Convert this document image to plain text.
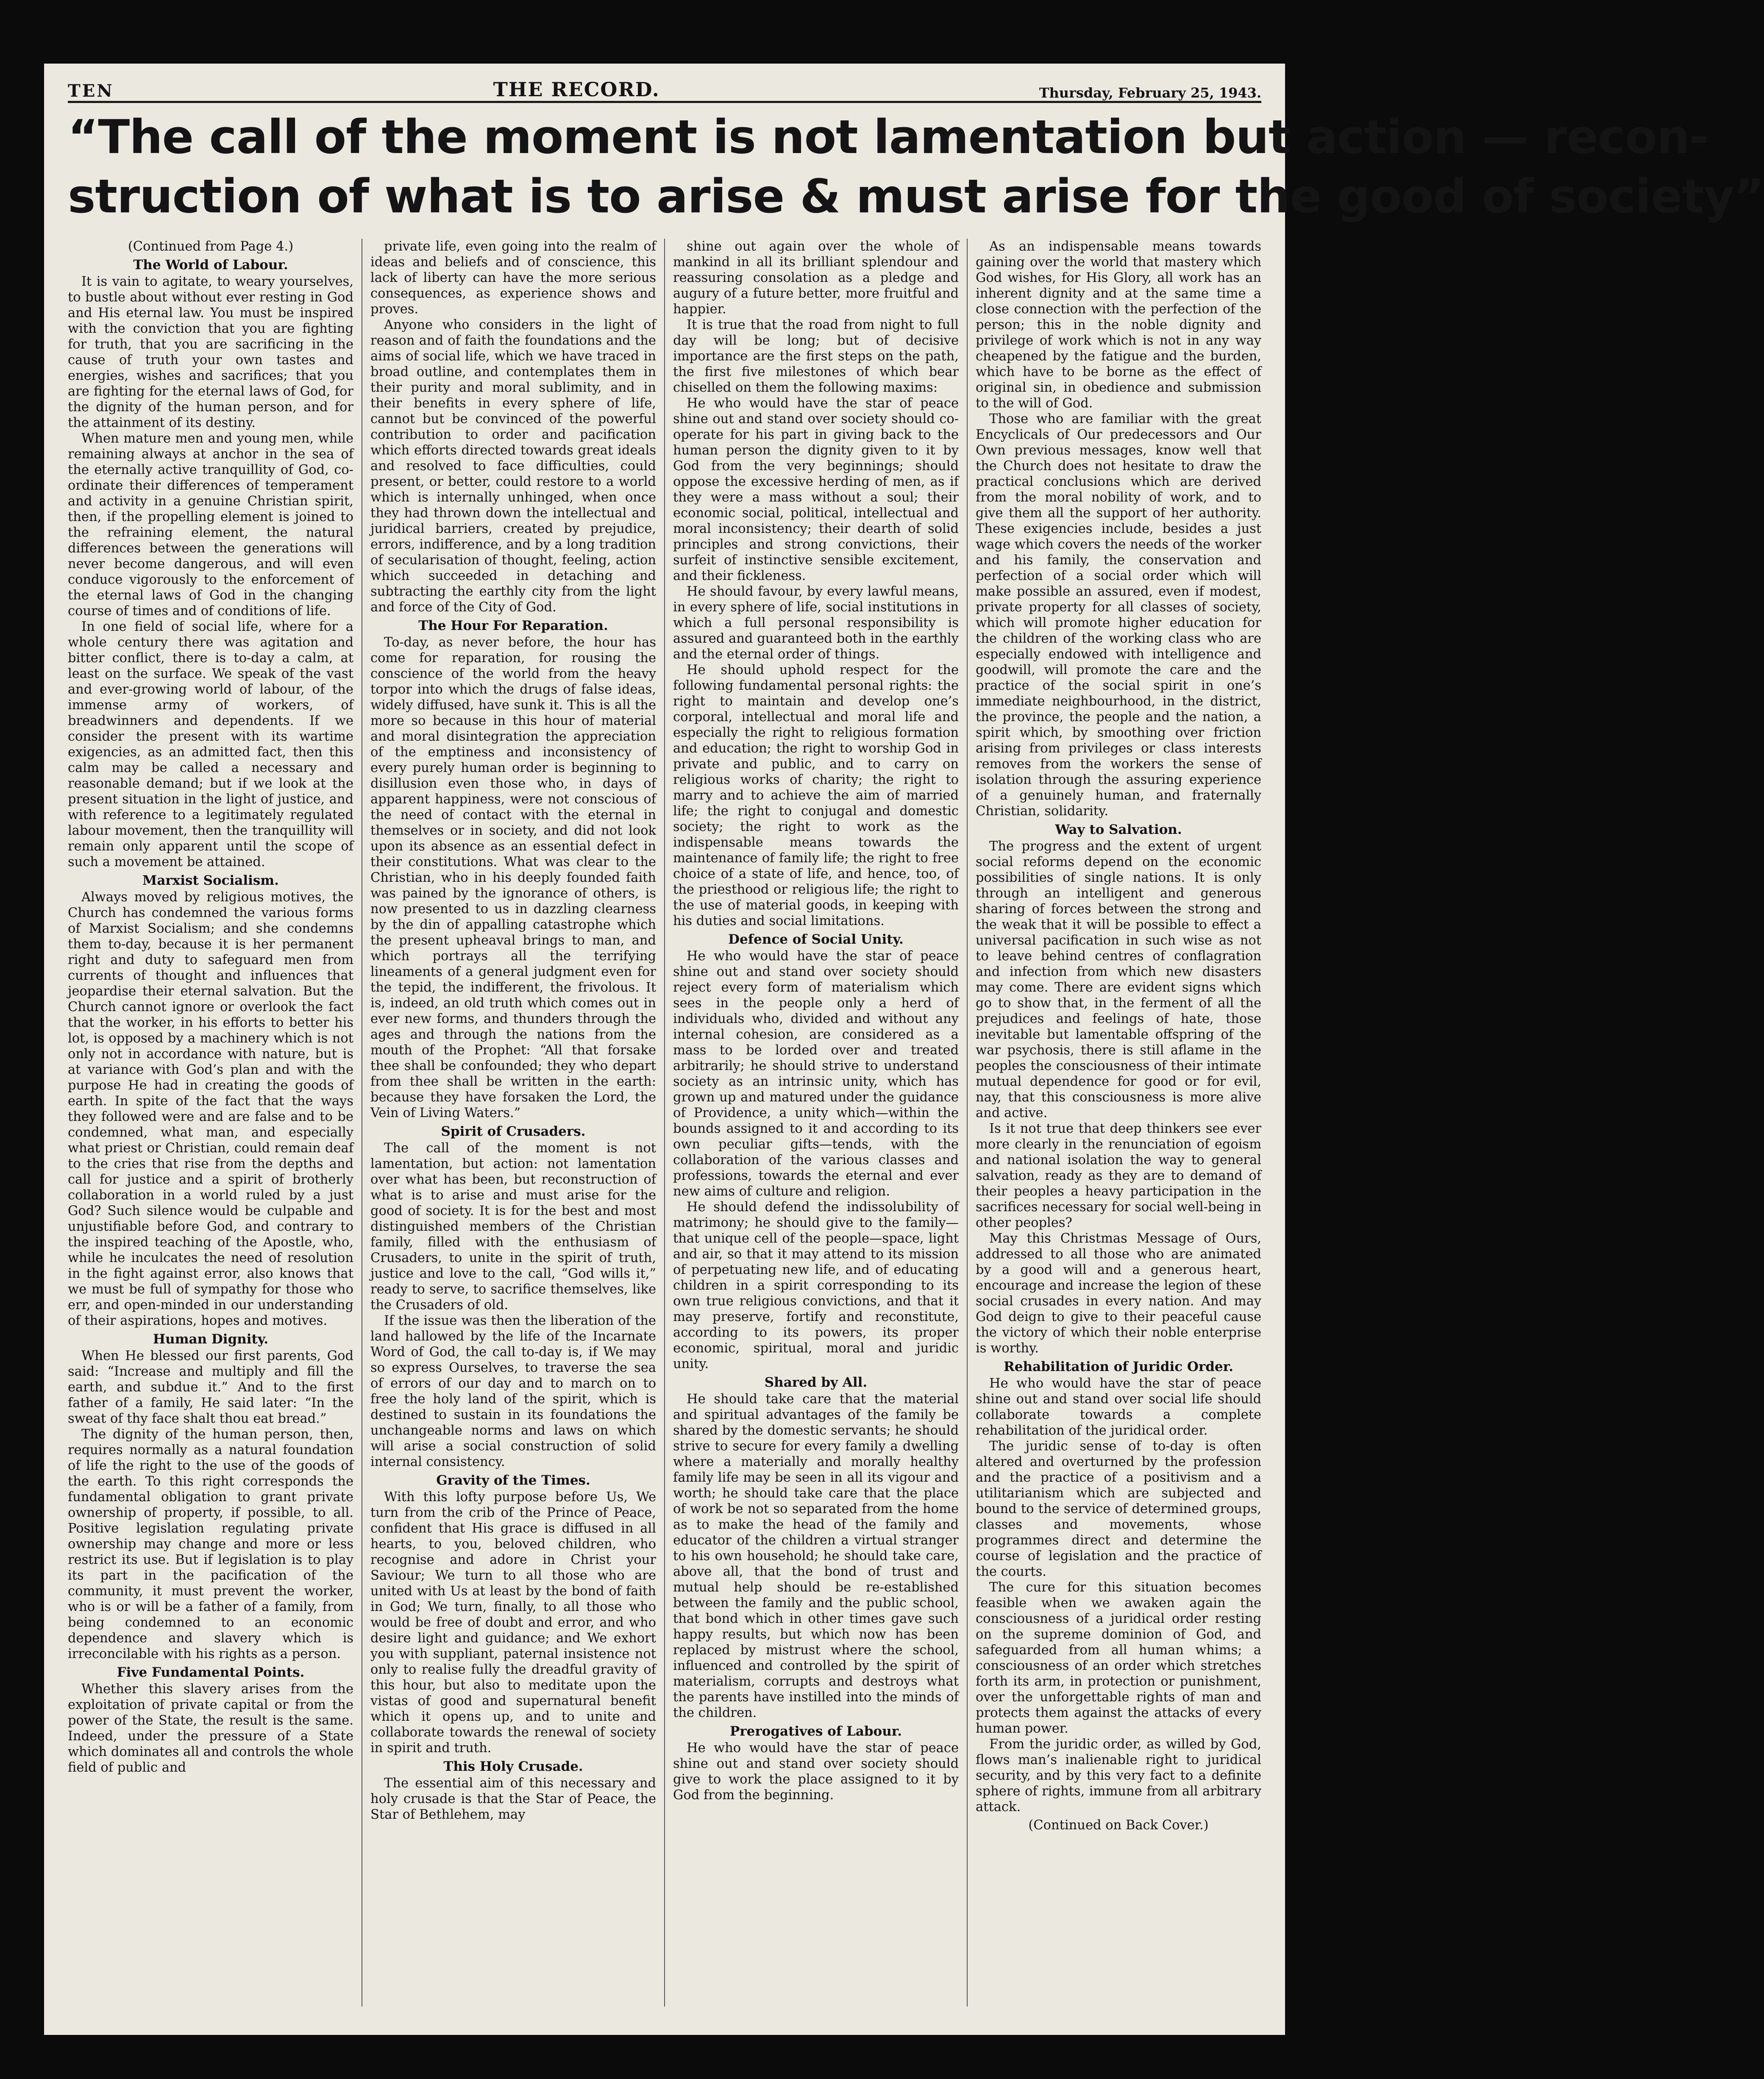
TEN	THE RECORD.	Thursday, February 25, 1943.
“The call of the moment is not lamentation but action — recon-
struction of what is to arise & must arise for the good of society”

(Continued from Page 4.)

The World of Labour.

It is vain to agitate, to weary yourselves, to bustle about without ever resting in God and His eternal law. You must be inspired with the conviction that you are fighting for truth, that you are sacrificing in the cause of truth your own tastes and energies, wishes and sacrifices; that you are fighting for the eternal laws of God, for the dignity of the human person, and for the attainment of its destiny.

When mature men and young men, while remaining always at anchor in the sea of the eternally active tranquillity of God, co-ordinate their differences of temperament and activity in a genuine Christian spirit, then, if the propelling element is joined to the refraining element, the natural differences between the generations will never become dangerous, and will even conduce vigorously to the enforcement of the eternal laws of God in the changing course of times and of conditions of life.

In one field of social life, where for a whole century there was agitation and bitter conflict, there is to-day a calm, at least on the surface. We speak of the vast and ever-growing world of labour, of the immense army of workers, of breadwinners and dependents. If we consider the present with its wartime exigencies, as an admitted fact, then this calm may be called a necessary and reasonable demand; but if we look at the present situation in the light of justice, and with reference to a legitimately regulated labour movement, then the tranquillity will remain only apparent until the scope of such a movement be attained.

Marxist Socialism.

Always moved by religious motives, the Church has condemned the various forms of Marxist Socialism; and she condemns them to-day, because it is her permanent right and duty to safeguard men from currents of thought and influences that jeopardise their eternal salvation. But the Church cannot ignore or overlook the fact that the worker, in his efforts to better his lot, is opposed by a machinery which is not only not in accordance with nature, but is at variance with God’s plan and with the purpose He had in creating the goods of earth. In spite of the fact that the ways they followed were and are false and to be condemned, what man, and especially what priest or Christian, could remain deaf to the cries that rise from the depths and call for justice and a spirit of brotherly collaboration in a world ruled by a just God? Such silence would be culpable and unjustifiable before God, and contrary to the inspired teaching of the Apostle, who, while he inculcates the need of resolution in the fight against error, also knows that we must be full of sympathy for those who err, and open-minded in our understanding of their aspirations, hopes and motives.

Human Dignity.

When He blessed our first parents, God said: “Increase and multiply and fill the earth, and subdue it.” And to the first father of a family, He said later: “In the sweat of thy face shalt thou eat bread.”

The dignity of the human person, then, requires normally as a natural foundation of life the right to the use of the goods of the earth. To this right corresponds the fundamental obligation to grant private ownership of property, if possible, to all. Positive legislation regulating private ownership may change and more or less restrict its use. But if legislation is to play its part in the pacification of the community, it must prevent the worker, who is or will be a father of a family, from being condemned to an economic dependence and slavery which is irreconcilable with his rights as a person.

Five Fundamental Points.

Whether this slavery arises from the exploitation of private capital or from the power of the State, the result is the same. Indeed, under the pressure of a State which dominates all and controls the whole field of public and

private life, even going into the realm of ideas and beliefs and of conscience, this lack of liberty can have the more serious consequences, as experience shows and proves.

Anyone who considers in the light of reason and of faith the foundations and the aims of social life, which we have traced in broad outline, and contemplates them in their purity and moral sublimity, and in their benefits in every sphere of life, cannot but be convinced of the powerful contribution to order and pacification which efforts directed towards great ideals and resolved to face difficulties, could present, or better, could restore to a world which is internally unhinged, when once they had thrown down the intellectual and juridical barriers, created by prejudice, errors, indifference, and by a long tradition of secularisation of thought, feeling, action which succeeded in detaching and subtracting the earthly city from the light and force of the City of God.

The Hour For Reparation.

To-day, as never before, the hour has come for reparation, for rousing the conscience of the world from the heavy torpor into which the drugs of false ideas, widely diffused, have sunk it. This is all the more so because in this hour of material and moral disintegration the appreciation of the emptiness and inconsistency of every purely human order is beginning to disillusion even those who, in days of apparent happiness, were not conscious of the need of contact with the eternal in themselves or in society, and did not look upon its absence as an essential defect in their constitutions. What was clear to the Christian, who in his deeply founded faith was pained by the ignorance of others, is now presented to us in dazzling clearness by the din of appalling catastrophe which the present upheaval brings to man, and which portrays all the terrifying lineaments of a general judgment even for the tepid, the indifferent, the frivolous. It is, indeed, an old truth which comes out in ever new forms, and thunders through the ages and through the nations from the mouth of the Prophet: “All that forsake thee shall be confounded; they who depart from thee shall be written in the earth: because they have forsaken the Lord, the Vein of Living Waters.”

Spirit of Crusaders.

The call of the moment is not lamentation, but action: not lamentation over what has been, but reconstruction of what is to arise and must arise for the good of society. It is for the best and most distinguished members of the Christian family, filled with the enthusiasm of Crusaders, to unite in the spirit of truth, justice and love to the call, “God wills it,” ready to serve, to sacrifice themselves, like the Crusaders of old.

If the issue was then the liberation of the land hallowed by the life of the Incarnate Word of God, the call to-day is, if We may so express Ourselves, to traverse the sea of errors of our day and to march on to free the holy land of the spirit, which is destined to sustain in its foundations the unchangeable norms and laws on which will arise a social construction of solid internal consistency.

Gravity of the Times.

With this lofty purpose before Us, We turn from the crib of the Prince of Peace, confident that His grace is diffused in all hearts, to you, beloved children, who recognise and adore in Christ your Saviour; We turn to all those who are united with Us at least by the bond of faith in God; We turn, finally, to all those who would be free of doubt and error, and who desire light and guidance; and We exhort you with suppliant, paternal insistence not only to realise fully the dreadful gravity of this hour, but also to meditate upon the vistas of good and supernatural benefit which it opens up, and to unite and collaborate towards the renewal of society in spirit and truth.

This Holy Crusade.

The essential aim of this necessary and holy crusade is that the Star of Peace, the Star of Bethlehem, may

shine out again over the whole of mankind in all its brilliant splendour and reassuring consolation as a pledge and augury of a future better, more fruitful and happier.

It is true that the road from night to full day will be long; but of decisive importance are the first steps on the path, the first five milestones of which bear chiselled on them the following maxims:

He who would have the star of peace shine out and stand over society should co-operate for his part in giving back to the human person the dignity given to it by God from the very beginnings; should oppose the excessive herding of men, as if they were a mass without a soul; their economic social, political, intellectual and moral inconsistency; their dearth of solid principles and strong convictions, their surfeit of instinctive sensible excitement, and their fickleness.

He should favour, by every lawful means, in every sphere of life, social institutions in which a full personal responsibility is assured and guaranteed both in the earthly and the eternal order of things.

He should uphold respect for the following fundamental personal rights: the right to maintain and develop one’s corporal, intellectual and moral life and especially the right to religious formation and education; the right to worship God in private and public, and to carry on religious works of charity; the right to marry and to achieve the aim of married life; the right to conjugal and domestic society; the right to work as the indispensable means towards the maintenance of family life; the right to free choice of a state of life, and hence, too, of the priesthood or religious life; the right to the use of material goods, in keeping with his duties and social limitations.

Defence of Social Unity.

He who would have the star of peace shine out and stand over society should reject every form of materialism which sees in the people only a herd of individuals who, divided and without any internal cohesion, are considered as a mass to be lorded over and treated arbitrarily; he should strive to understand society as an intrinsic unity, which has grown up and matured under the guidance of Providence, a unity which—within the bounds assigned to it and according to its own peculiar gifts—tends, with the collaboration of the various classes and professions, towards the eternal and ever new aims of culture and religion.

He should defend the indissolubility of matrimony; he should give to the family—that unique cell of the people—space, light and air, so that it may attend to its mission of perpetuating new life, and of educating children in a spirit corresponding to its own true religious convictions, and that it may preserve, fortify and reconstitute, according to its powers, its proper economic, spiritual, moral and juridic unity.

Shared by All.

He should take care that the material and spiritual advantages of the family be shared by the domestic servants; he should strive to secure for every family a dwelling where a materially and morally healthy family life may be seen in all its vigour and worth; he should take care that the place of work be not so separated from the home as to make the head of the family and educator of the children a virtual stranger to his own household; he should take care, above all, that the bond of trust and mutual help should be re-established between the family and the public school, that bond which in other times gave such happy results, but which now has been replaced by mistrust where the school, influenced and controlled by the spirit of materialism, corrupts and destroys what the parents have instilled into the minds of the children.

Prerogatives of Labour.

He who would have the star of peace shine out and stand over society should give to work the place assigned to it by God from the beginning.

As an indispensable means towards gaining over the world that mastery which God wishes, for His Glory, all work has an inherent dignity and at the same time a close connection with the perfection of the person; this in the noble dignity and privilege of work which is not in any way cheapened by the fatigue and the burden, which have to be borne as the effect of original sin, in obedience and submission to the will of God.

Those who are familiar with the great Encyclicals of Our predecessors and Our Own previous messages, know well that the Church does not hesitate to draw the practical conclusions which are derived from the moral nobility of work, and to give them all the support of her authority. These exigencies include, besides a just wage which covers the needs of the worker and his family, the conservation and perfection of a social order which will make possible an assured, even if modest, private property for all classes of society, which will promote higher education for the children of the working class who are especially endowed with intelligence and goodwill, will promote the care and the practice of the social spirit in one’s immediate neighbourhood, in the district, the province, the people and the nation, a spirit which, by smoothing over friction arising from privileges or class interests removes from the workers the sense of isolation through the assuring experience of a genuinely human, and fraternally Christian, solidarity.

Way to Salvation.

The progress and the extent of urgent social reforms depend on the economic possibilities of single nations. It is only through an intelligent and generous sharing of forces between the strong and the weak that it will be possible to effect a universal pacification in such wise as not to leave behind centres of conflagration and infection from which new disasters may come. There are evident signs which go to show that, in the ferment of all the prejudices and feelings of hate, those inevitable but lamentable offspring of the war psychosis, there is still aflame in the peoples the consciousness of their intimate mutual dependence for good or for evil, nay, that this consciousness is more alive and active.

Is it not true that deep thinkers see ever more clearly in the renunciation of egoism and national isolation the way to general salvation, ready as they are to demand of their peoples a heavy participation in the sacrifices necessary for social well-being in other peoples?

May this Christmas Message of Ours, addressed to all those who are animated by a good will and a generous heart, encourage and increase the legion of these social crusades in every nation. And may God deign to give to their peaceful cause the victory of which their noble enterprise is worthy.

Rehabilitation of Juridic Order.

He who would have the star of peace shine out and stand over social life should collaborate towards a complete rehabilitation of the juridical order.

The juridic sense of to-day is often altered and overturned by the profession and the practice of a positivism and a utilitarianism which are subjected and bound to the service of determined groups, classes and movements, whose programmes direct and determine the course of legislation and the practice of the courts.

The cure for this situation becomes feasible when we awaken again the consciousness of a juridical order resting on the supreme dominion of God, and safeguarded from all human whims; a consciousness of an order which stretches forth its arm, in protection or punishment, over the unforgettable rights of man and protects them against the attacks of every human power.

From the juridic order, as willed by God, flows man’s inalienable right to juridical security, and by this very fact to a definite sphere of rights, immune from all arbitrary attack.

(Continued on Back Cover.)
